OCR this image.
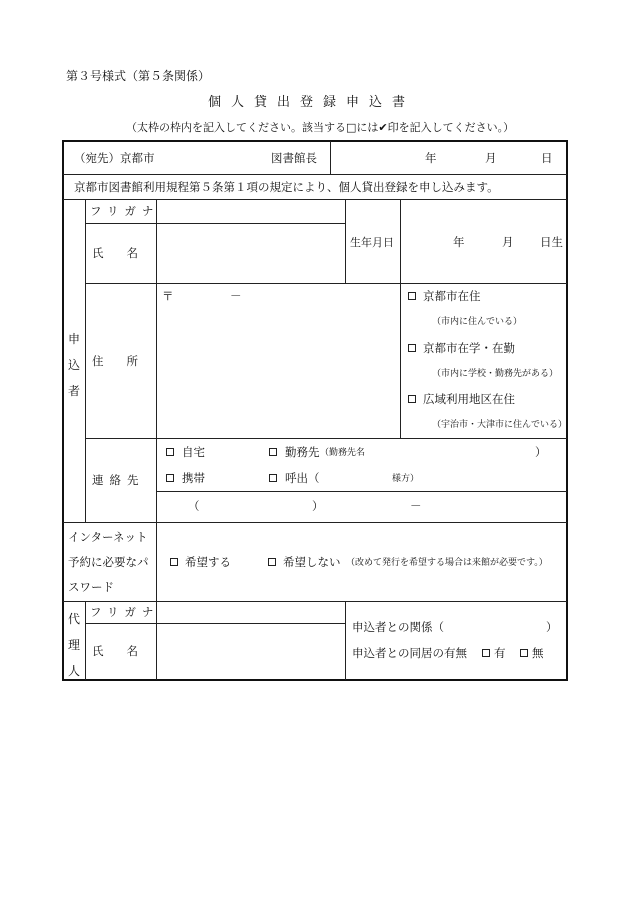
第３号様式（第５条関係）
個人貸出登録申込書
（太枠の枠内を記入してください。該当する□には✔印を記入してください。）
（宛先）京都市	図書館長	年	月	日
京都市図書館利用規程第５条第１項の規定により、個人貸出登録を申し込みます。
申
込
者
フリガナ
氏　　名
生年月日	年	月 日生
住　　所
〒	－	京都市在住
（市内に住んでいる）
京都市在学・在勤
（市内に学校・勤務先がある）
広域利用地区在住
（宇治市・大津市に住んでいる）
連絡先
自宅	勤務先 （勤務先名	）
携帯	呼出（	様方）
（	）	－
インターネット
予約に必要なパ
スワード
希望する	希望しない （改めて発行を希望する場合は来館が必要です。）
代
理
人
フリガナ
氏　　名
申込者との関係（	）
申込者との同居の有無 有 無
